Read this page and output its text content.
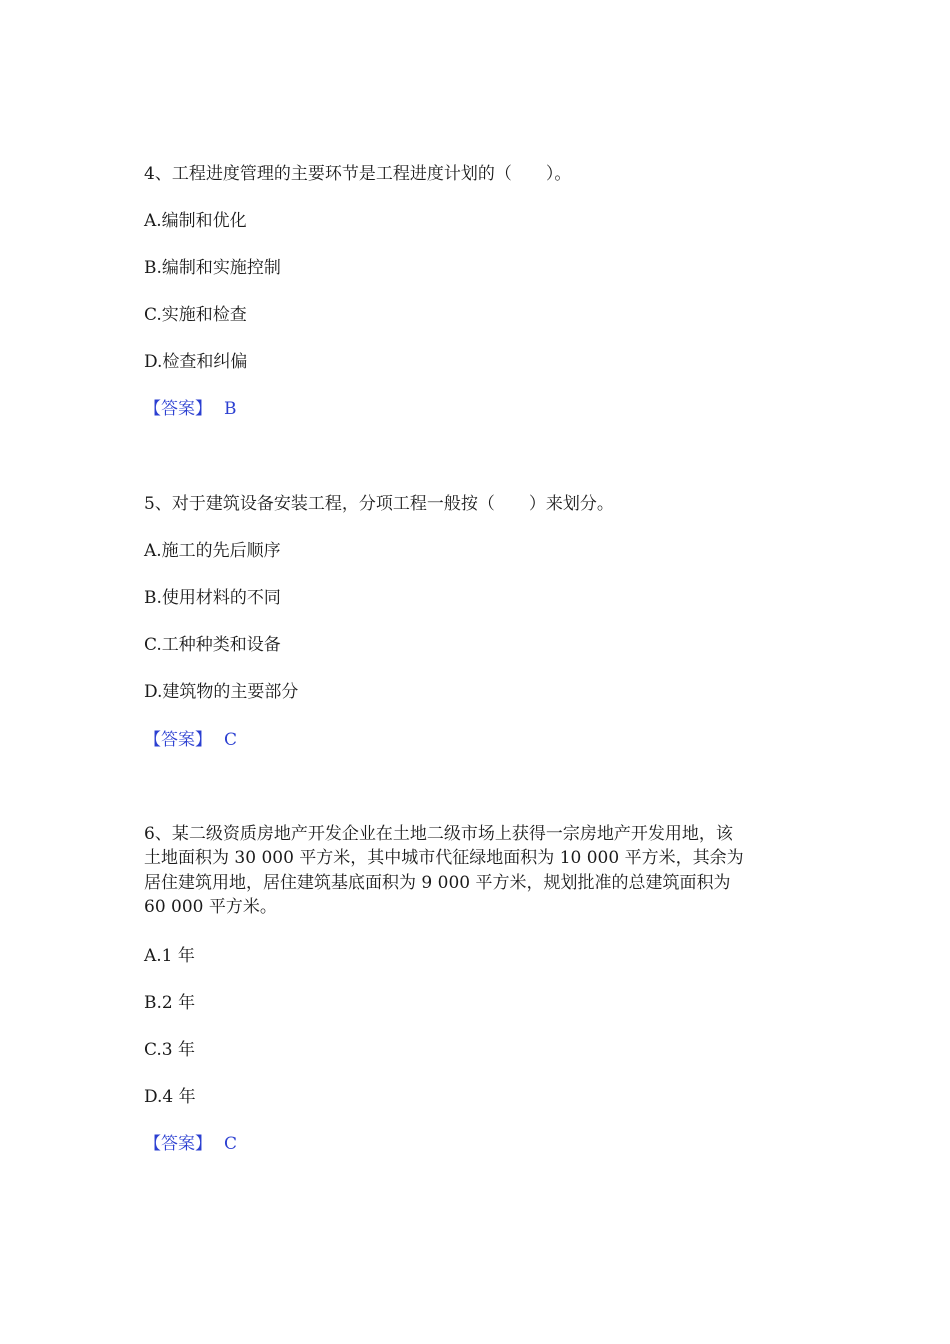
4、工程进度管理的主要环节是工程进度计划的（　　）。
A.编制和优化
B.编制和实施控制
C.实施和检查
D.检查和纠偏
【答案】 B
5、对于建筑设备安装工程，分项工程一般按（　　）来划分。
A.施工的先后顺序
B.使用材料的不同
C.工种种类和设备
D.建筑物的主要部分
【答案】 C
6、某二级资质房地产开发企业在土地二级市场上获得一宗房地产开发用地，该
土地面积为 30 000 平方米，其中城市代征绿地面积为 10 000 平方米，其余为
居住建筑用地，居住建筑基底面积为 9 000 平方米，规划批准的总建筑面积为
60 000 平方米。
A.1 年
B.2 年
C.3 年
D.4 年
【答案】 C
